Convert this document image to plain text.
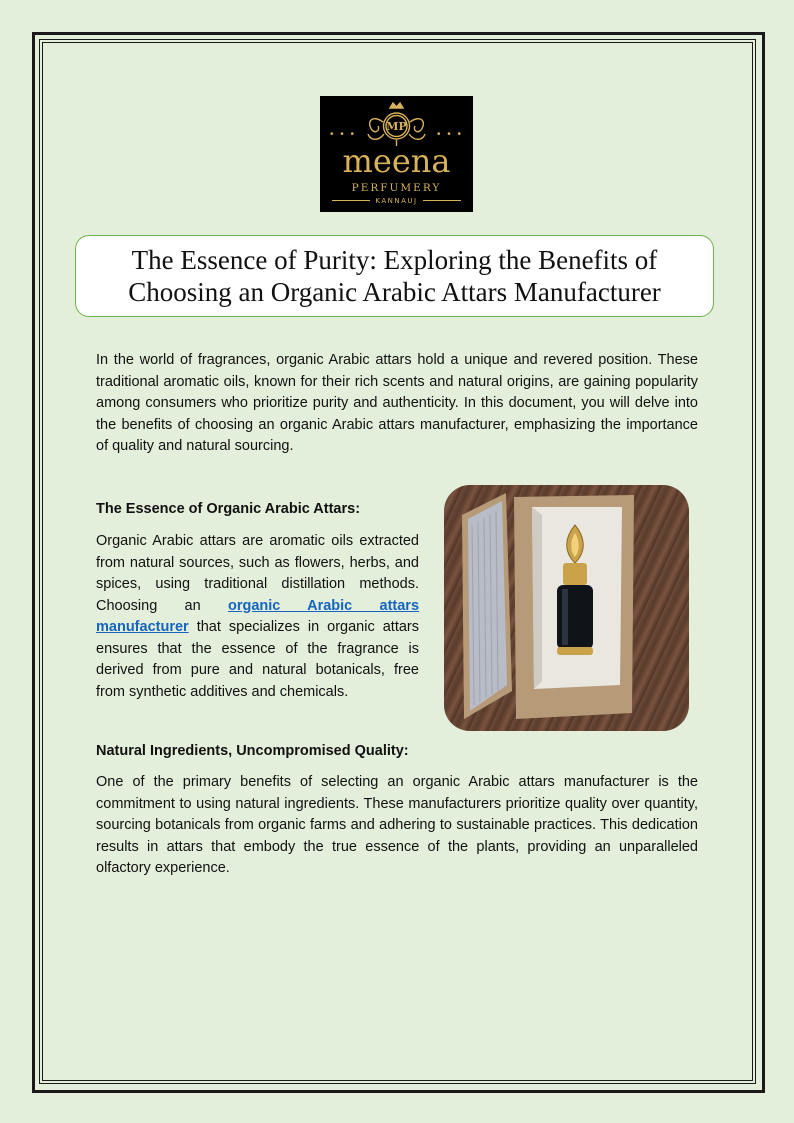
MP
• • •	• • •
meena
PERFUMERY
KANNAUJ
The Essence of Purity: Exploring the Benefits of
Choosing an Organic Arabic Attars Manufacturer

In the world of fragrances, organic Arabic attars hold a unique and revered position. These traditional aromatic oils, known for their rich scents and natural origins, are gaining popularity among consumers who prioritize purity and authenticity. In this document, you will delve into the benefits of choosing an organic Arabic attars manufacturer, emphasizing the importance of quality and natural sourcing.

The Essence of Organic Arabic Attars:

Organic Arabic attars are aromatic oils extracted from natural sources, such as flowers, herbs, and spices, using traditional distillation methods. Choosing an organic Arabic attars manufacturer that specializes in organic attars ensures that the essence of the fragrance is derived from pure and natural botanicals, free from synthetic additives and chemicals.

Natural Ingredients, Uncompromised Quality:

One of the primary benefits of selecting an organic Arabic attars manufacturer is the commitment to using natural ingredients. These manufacturers prioritize quality over quantity, sourcing botanicals from organic farms and adhering to sustainable practices. This dedication results in attars that embody the true essence of the plants, providing an unparalleled olfactory experience.
